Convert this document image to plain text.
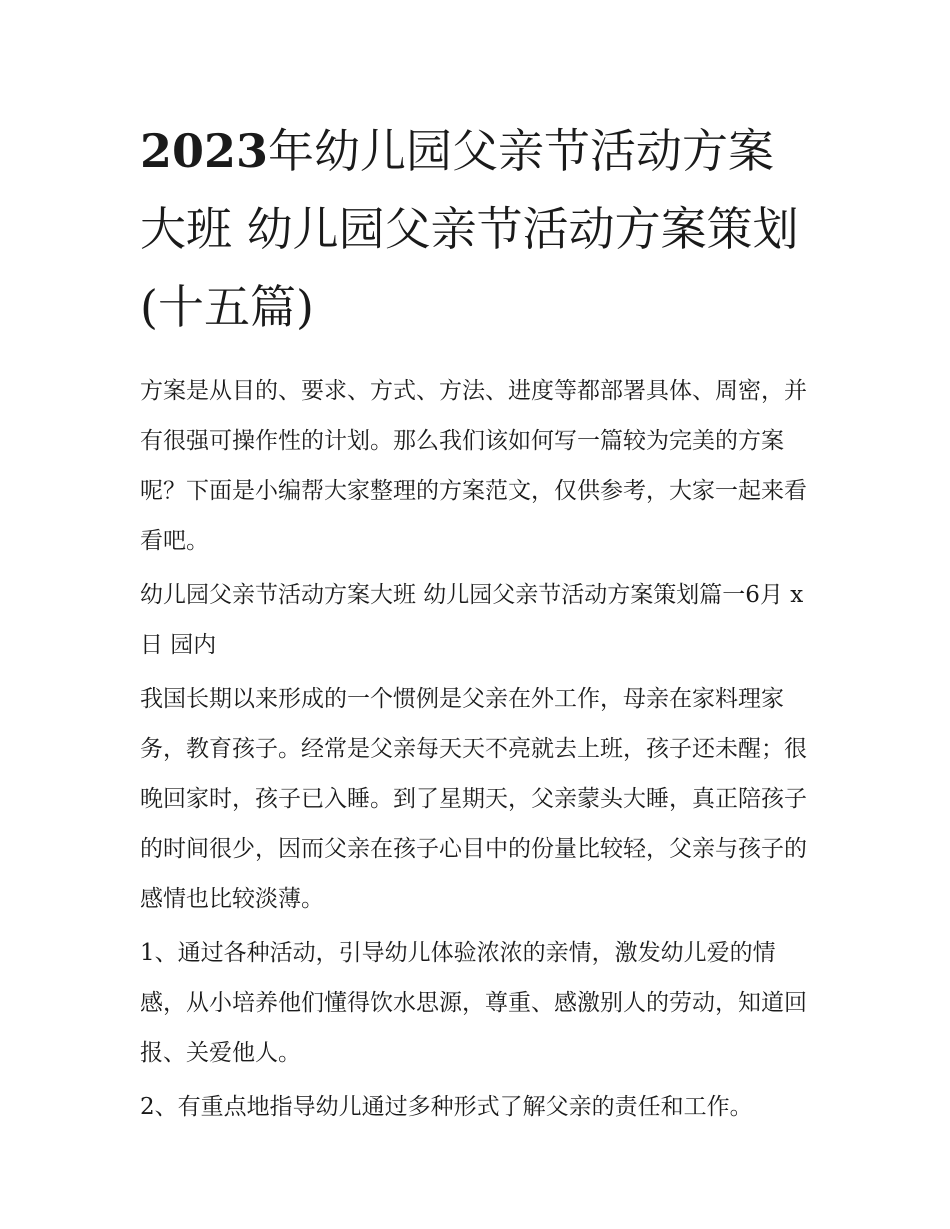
2023年幼儿园父亲节活动方案大班 幼儿园父亲节活动方案策划(十五篇)

方案是从目的、要求、方式、方法、进度等都部署具体、周密，并有很强可操作性的计划。那么我们该如何写一篇较为完美的方案呢？下面是小编帮大家整理的方案范文，仅供参考，大家一起来看看吧。

幼儿园父亲节活动方案大班 幼儿园父亲节活动方案策划篇一6月 x 日 园内

我国长期以来形成的一个惯例是父亲在外工作，母亲在家料理家务，教育孩子。经常是父亲每天天不亮就去上班，孩子还未醒；很晚回家时，孩子已入睡。到了星期天，父亲蒙头大睡，真正陪孩子的时间很少，因而父亲在孩子心目中的份量比较轻，父亲与孩子的感情也比较淡薄。

1、通过各种活动，引导幼儿体验浓浓的亲情，激发幼儿爱的情感，从小培养他们懂得饮水思源，尊重、感激别人的劳动，知道回报、关爱他人。

2、有重点地指导幼儿通过多种形式了解父亲的责任和工作。
